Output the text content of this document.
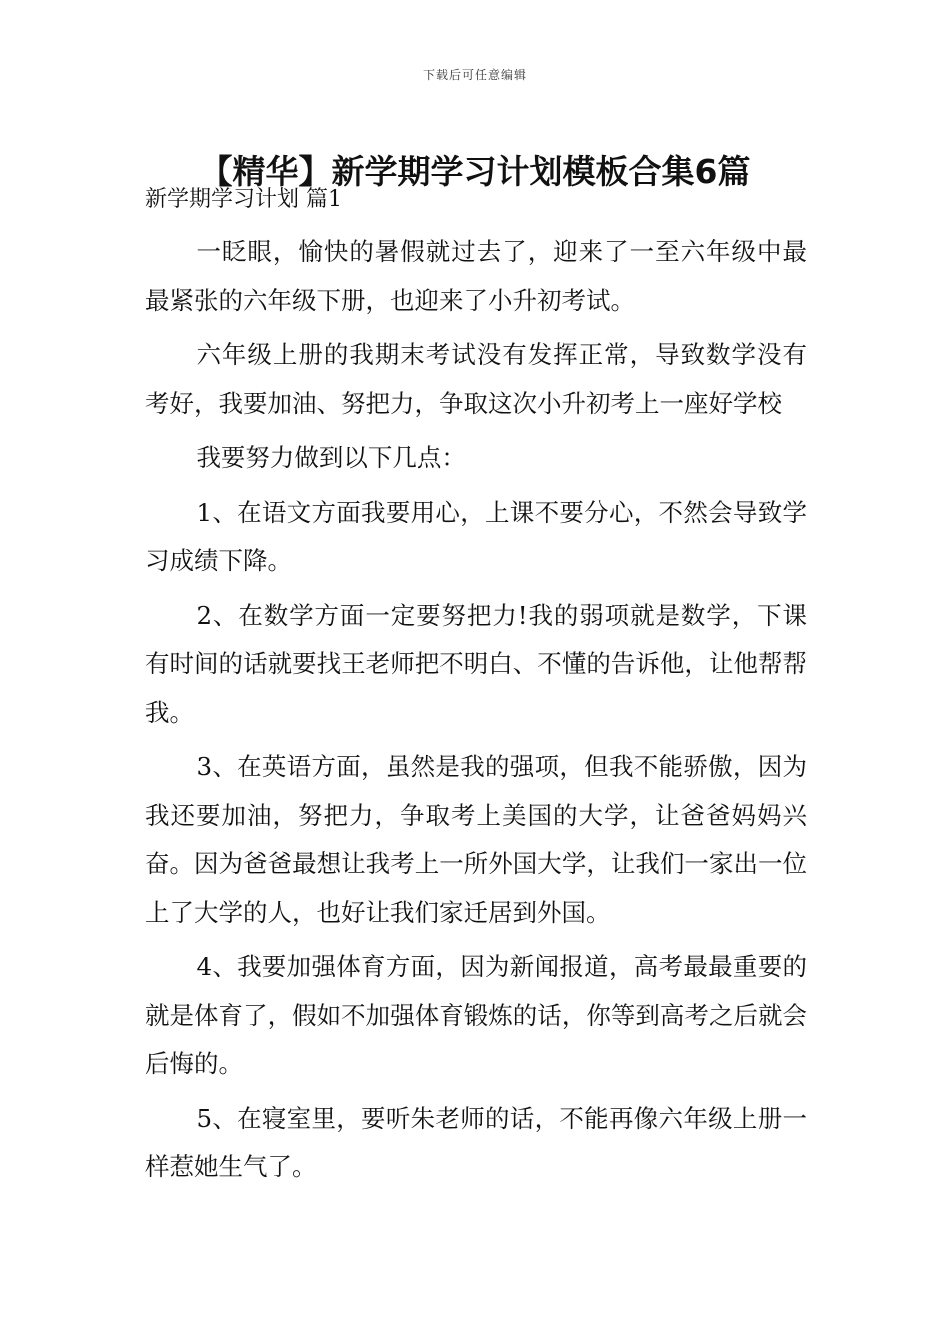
下载后可任意编辑
【精华】新学期学习计划模板合集6篇
新学期学习计划 篇1

一眨眼，愉快的暑假就过去了，迎来了一至六年级中最最紧张的六年级下册，也迎来了小升初考试。

六年级上册的我期末考试没有发挥正常，导致数学没有考好，我要加油、努把力，争取这次小升初考上一座好学校

我要努力做到以下几点：

1、在语文方面我要用心，上课不要分心，不然会导致学习成绩下降。

2、在数学方面一定要努把力!我的弱项就是数学，下课有时间的话就要找王老师把不明白、不懂的告诉他，让他帮帮我。

3、在英语方面，虽然是我的强项，但我不能骄傲，因为我还要加油，努把力，争取考上美国的大学，让爸爸妈妈兴奋。因为爸爸最想让我考上一所外国大学，让我们一家出一位上了大学的人，也好让我们家迁居到外国。

4、我要加强体育方面，因为新闻报道，高考最最重要的就是体育了，假如不加强体育锻炼的话，你等到高考之后就会后悔的。

5、在寝室里，要听朱老师的话，不能再像六年级上册一样惹她生气了。
